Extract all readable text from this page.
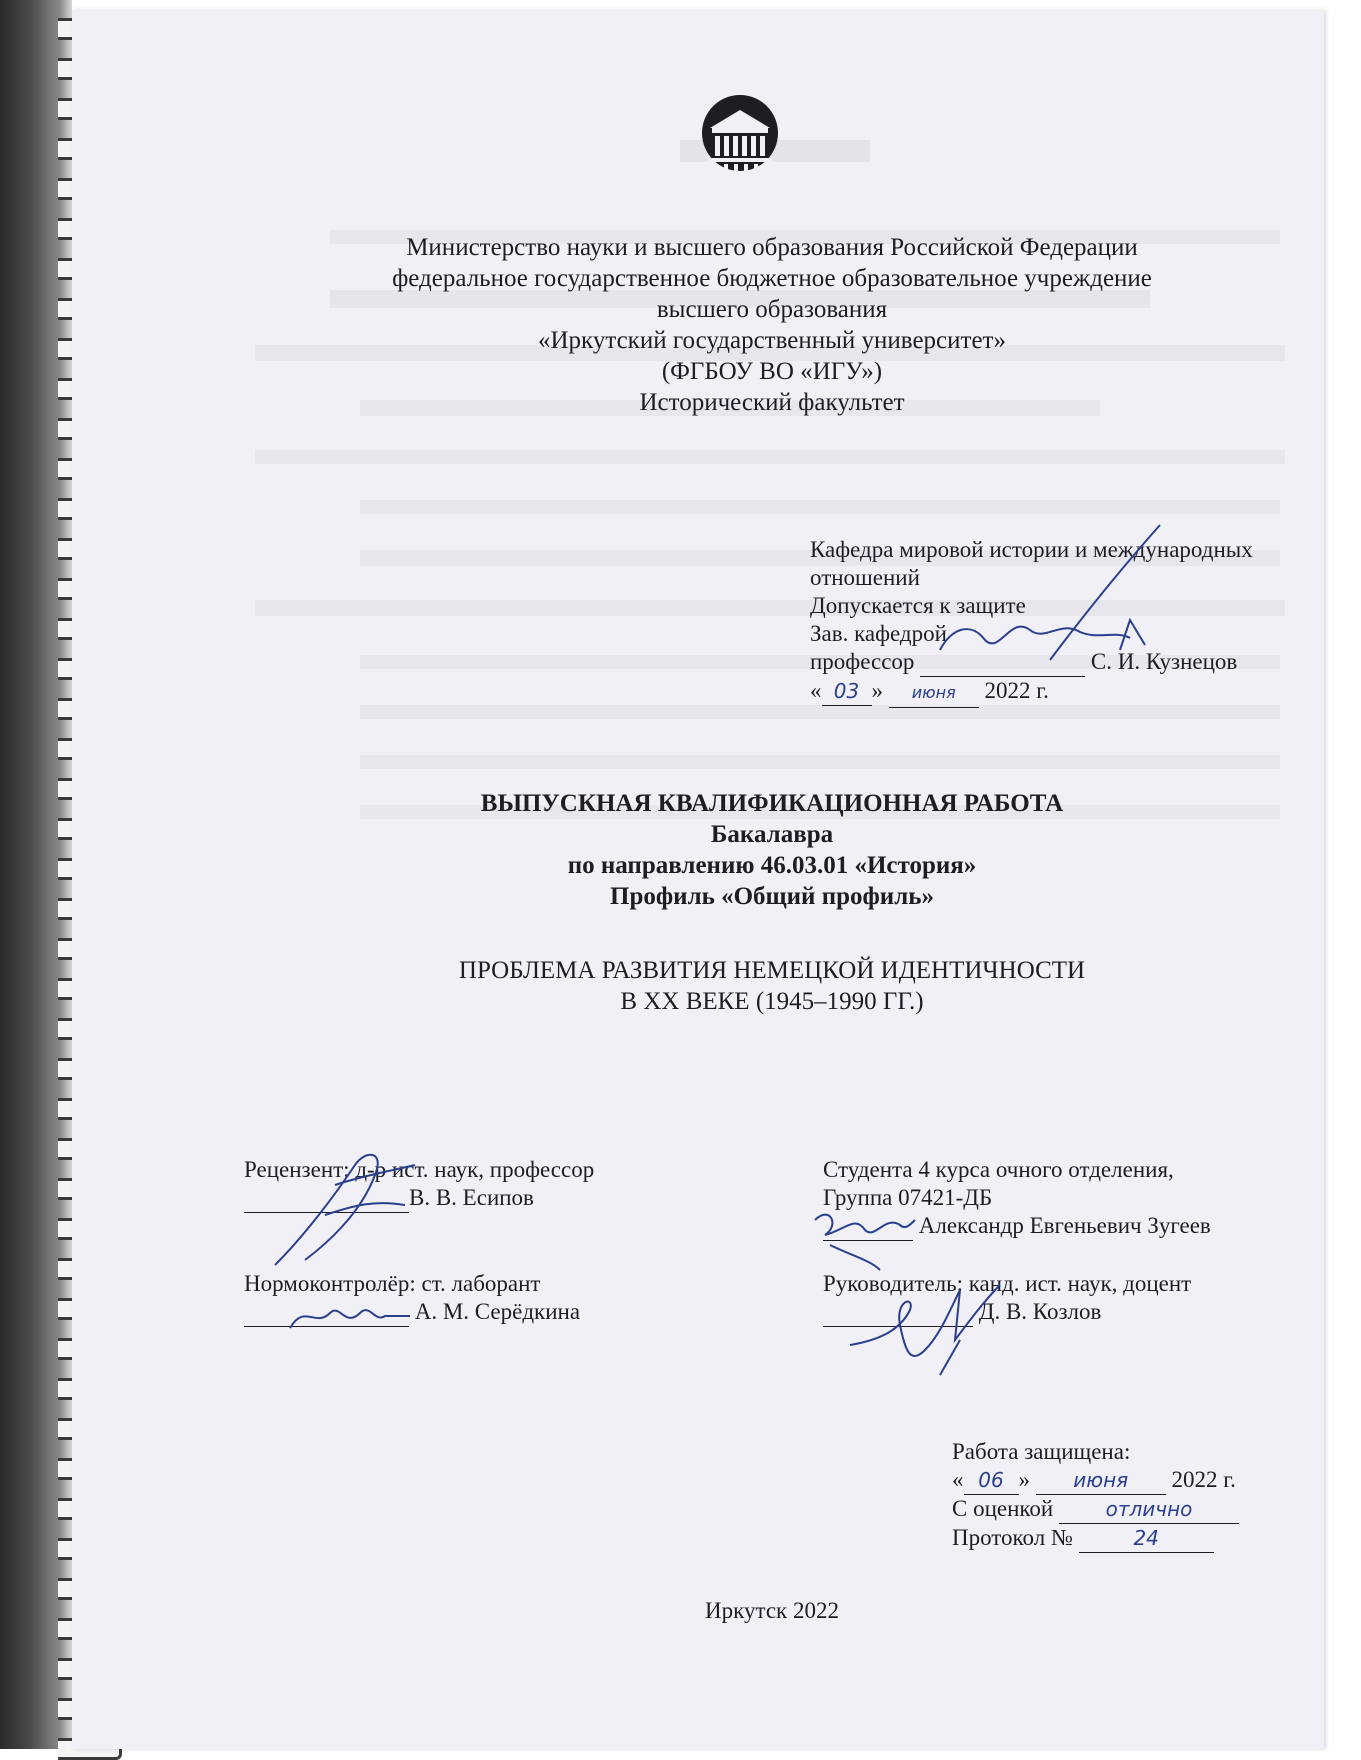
Министерство науки и высшего образования Российской Федерации
федеральное государственное бюджетное образовательное учреждение
высшего образования
«Иркутский государственный университет»
(ФГБОУ ВО «ИГУ»)
Исторический факультет
Кафедра мировой истории и международных
отношений
Допускается к защите
Зав. кафедрой
профессор	С. И. Кузнецов
« 03 » июня 2022 г.
ВЫПУСКНАЯ КВАЛИФИКАЦИОННАЯ РАБОТА
Бакалавра
по направлению 46.03.01 «История»
Профиль «Общий профиль»
ПРОБЛЕМА РАЗВИТИЯ НЕМЕЦКОЙ ИДЕНТИЧНОСТИ
В XX ВЕКЕ (1945–1990 ГГ.)
Рецензент: д-р ист. наук, профессор
В. В. Есипов
Нормоконтролёр: ст. лаборант
А. М. Серёдкина
Студента 4 курса очного отделения,
Группа 07421-ДБ
Александр Евгеньевич Зугеев
Руководитель: канд. ист. наук, доцент
Д. В. Козлов
Работа защищена:
« 06 » июня 2022 г.
С оценкой	отлично
Протокол №	24
Иркутск 2022
